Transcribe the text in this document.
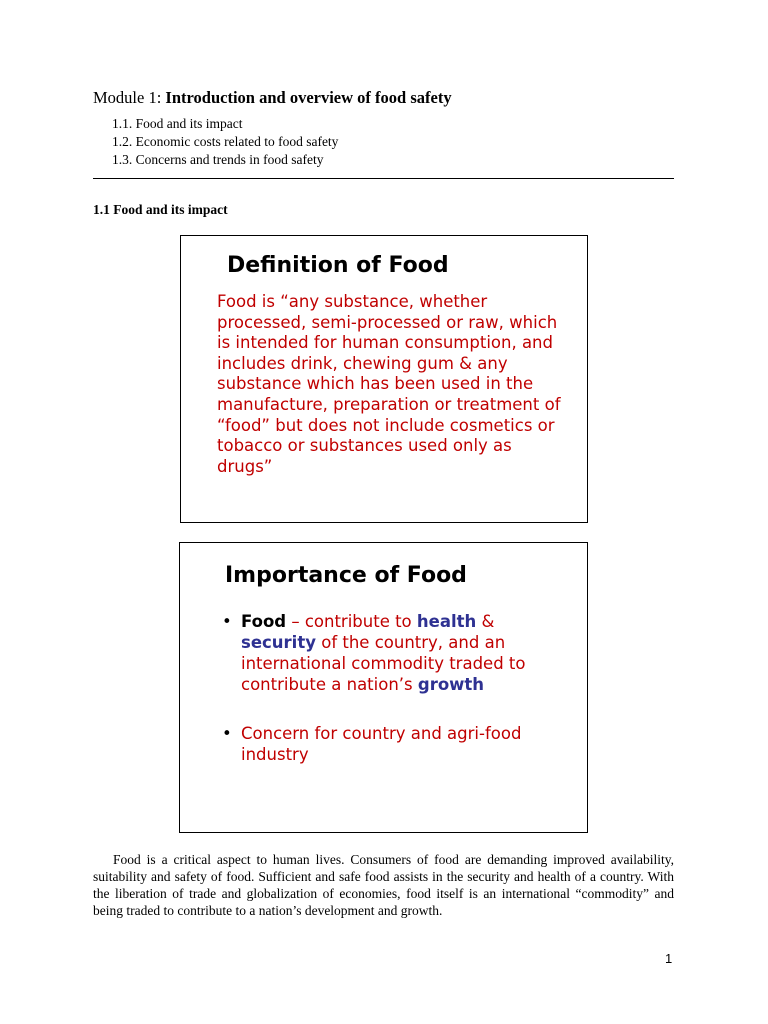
Module 1: Introduction and overview of food safety
1.1. Food and its impact
1.2. Economic costs related to food safety
1.3. Concerns and trends in food safety
1.1 Food and its impact
Definition of Food
Food is “any substance, whether processed, semi-processed or raw, which is intended for human consumption, and includes drink, chewing gum & any substance which has been used in the manufacture, preparation or treatment of “food” but does not include cosmetics or tobacco or substances used only as drugs”
Importance of Food
• Food – contribute to health & security of the country, and an international commodity traded to contribute a nation’s growth
• Concern for country and agri-food industry
Food is a critical aspect to human lives. Consumers of food are demanding improved availability, suitability and safety of food. Sufficient and safe food assists in the security and health of a country. With the liberation of trade and globalization of economies, food itself is an international “commodity” and being traded to contribute to a nation’s development and growth.
1
